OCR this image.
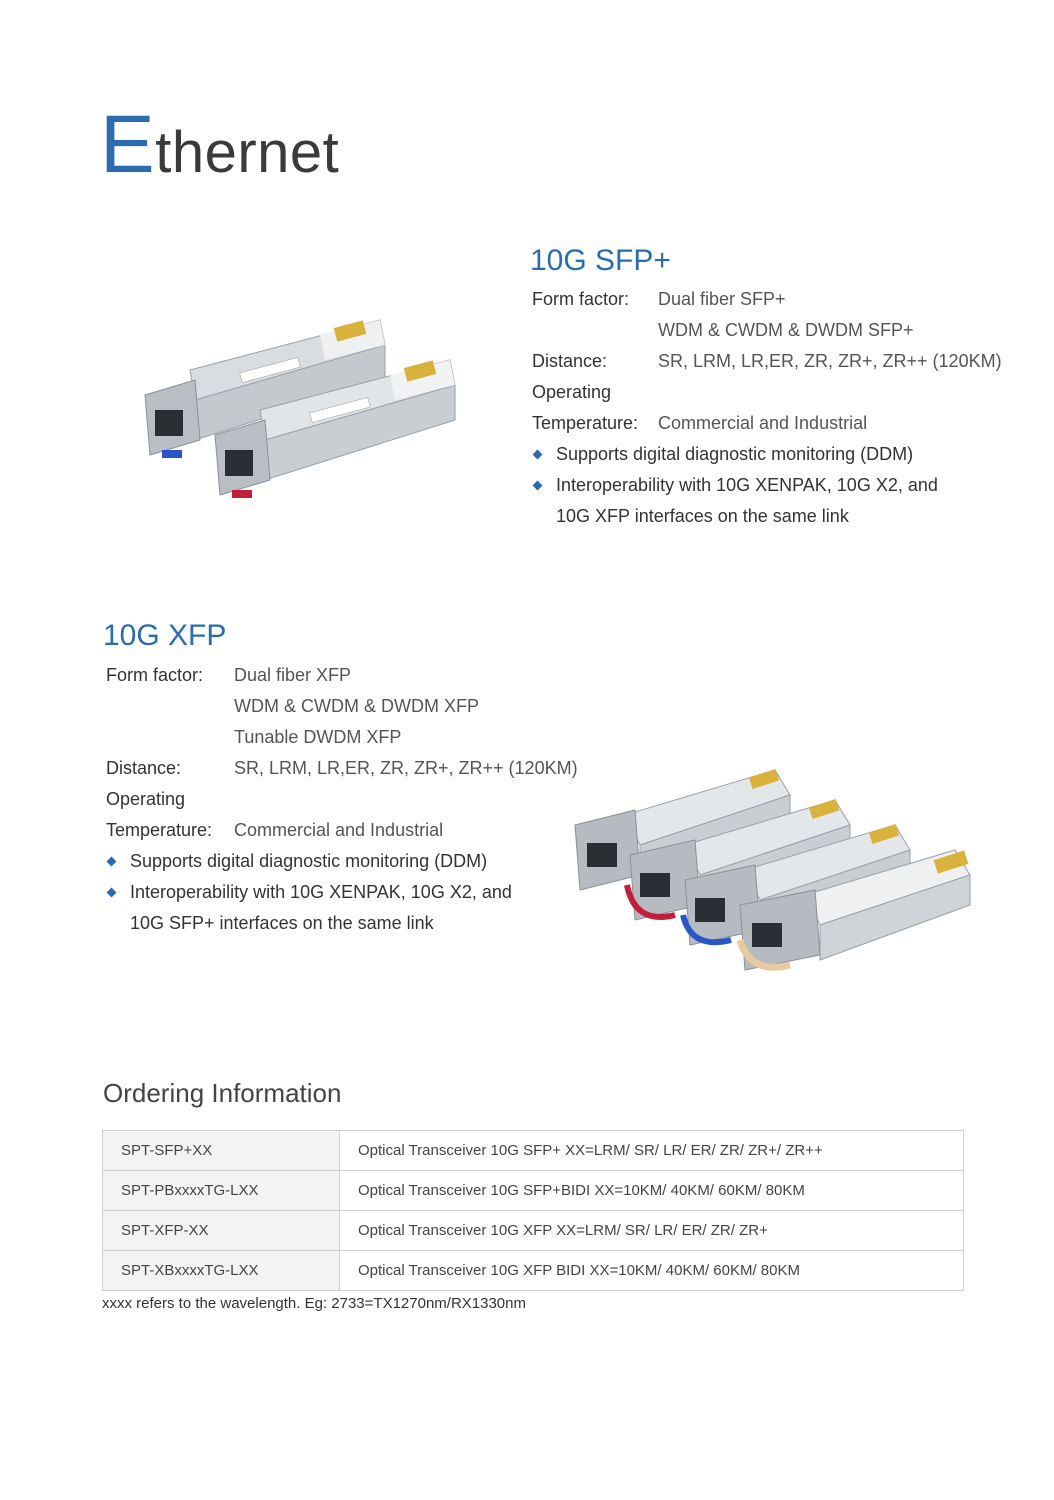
Ethernet
10G SFP+
Form factor: Dual fiber SFP+
WDM & CWDM & DWDM SFP+
Distance:	SR, LRM, LR,ER, ZR, ZR+, ZR++ (120KM)
Operating
Temperature: Commercial and Industrial
Supports digital diagnostic monitoring (DDM)
Interoperability with 10G XENPAK, 10G X2, and
10G XFP interfaces on the same link
10G XFP
Form factor: Dual fiber XFP
WDM & CWDM & DWDM XFP
Tunable DWDM XFP
Distance:	SR, LRM, LR,ER, ZR, ZR+, ZR++ (120KM)
Operating
Temperature: Commercial and Industrial
Supports digital diagnostic monitoring (DDM)
Interoperability with 10G XENPAK, 10G X2, and
10G SFP+ interfaces on the same link
Ordering Information
SPT-SFP+XX	Optical Transceiver 10G SFP+ XX=LRM/ SR/ LR/ ER/ ZR/ ZR+/ ZR++
SPT-PBxxxxTG-LXX	Optical Transceiver 10G SFP+BIDI XX=10KM/ 40KM/ 60KM/ 80KM
SPT-XFP-XX	Optical Transceiver 10G XFP XX=LRM/ SR/ LR/ ER/ ZR/ ZR+
SPT-XBxxxxTG-LXX	Optical Transceiver 10G XFP BIDI XX=10KM/ 40KM/ 60KM/ 80KM
xxxx refers to the wavelength. Eg: 2733=TX1270nm/RX1330nm
